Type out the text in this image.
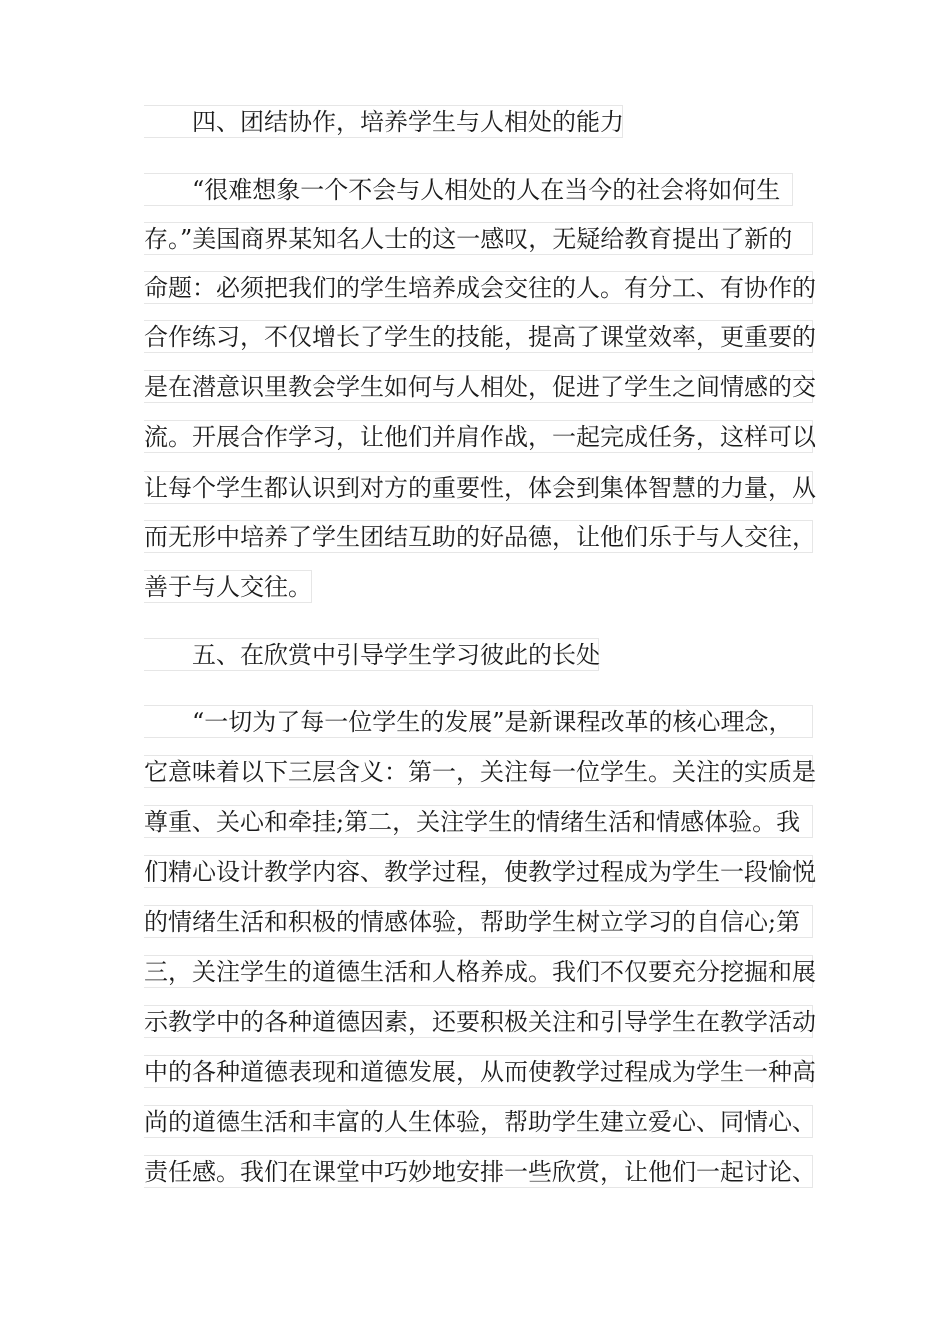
四、团结协作，培养学生与人相处的能力
“很难想象一个不会与人相处的人在当今的社会将如何生
存。”美国商界某知名人士的这一感叹，无疑给教育提出了新的
命题：必须把我们的学生培养成会交往的人。有分工、有协作的
合作练习，不仅增长了学生的技能，提高了课堂效率，更重要的
是在潜意识里教会学生如何与人相处，促进了学生之间情感的交
流。开展合作学习，让他们并肩作战，一起完成任务，这样可以
让每个学生都认识到对方的重要性，体会到集体智慧的力量，从
而无形中培养了学生团结互助的好品德，让他们乐于与人交往，
善于与人交往。
五、在欣赏中引导学生学习彼此的长处
“一切为了每一位学生的发展”是新课程改革的核心理念，
它意味着以下三层含义：第一，关注每一位学生。关注的实质是
尊重、关心和牵挂;第二，关注学生的情绪生活和情感体验。我
们精心设计教学内容、教学过程，使教学过程成为学生一段愉悦
的情绪生活和积极的情感体验，帮助学生树立学习的自信心;第
三，关注学生的道德生活和人格养成。我们不仅要充分挖掘和展
示教学中的各种道德因素，还要积极关注和引导学生在教学活动
中的各种道德表现和道德发展，从而使教学过程成为学生一种高
尚的道德生活和丰富的人生体验，帮助学生建立爱心、同情心、
责任感。我们在课堂中巧妙地安排一些欣赏，让他们一起讨论、
